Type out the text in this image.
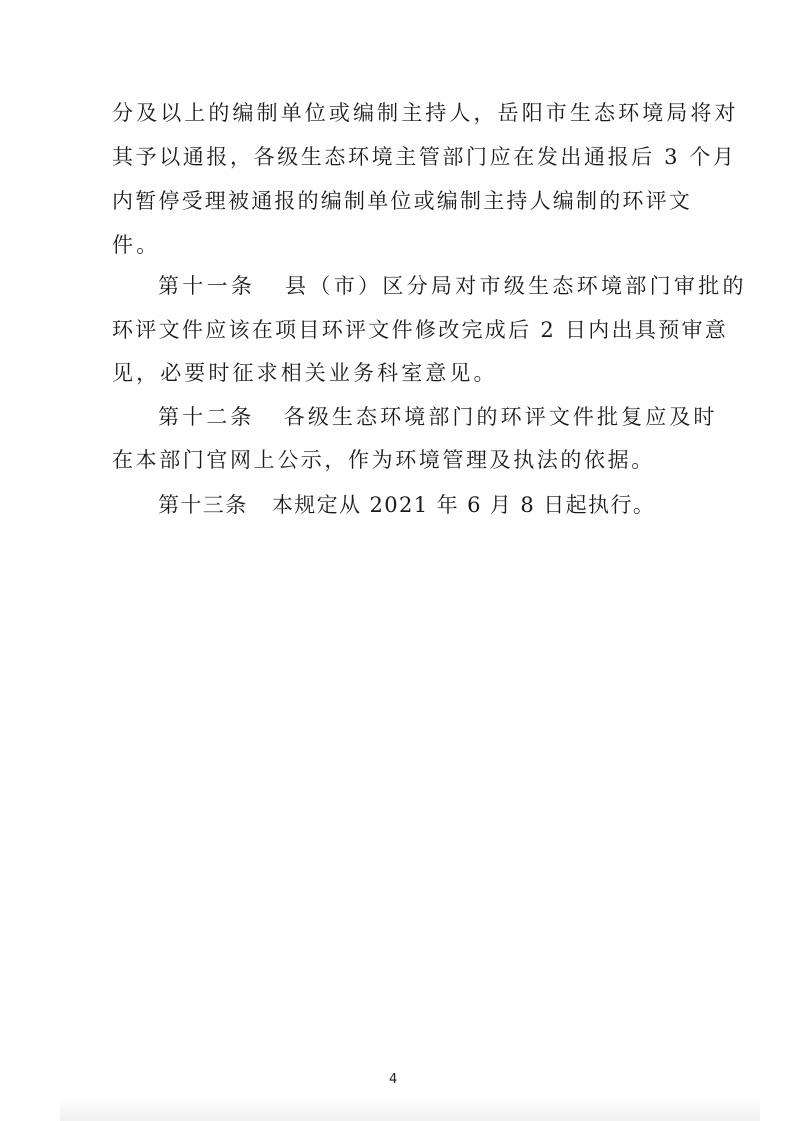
分及以上的编制单位或编制主持人，岳阳市生态环境局将对
其予以通报，各级生态环境主管部门应在发出通报后 3 个月
内暂停受理被通报的编制单位或编制主持人编制的环评文
件。
第十一条   县（市）区分局对市级生态环境部门审批的
环评文件应该在项目环评文件修改完成后 2 日内出具预审意
见，必要时征求相关业务科室意见。
第十二条   各级生态环境部门的环评文件批复应及时
在本部门官网上公示，作为环境管理及执法的依据。
第十三条   本规定从 2021 年 6 月 8 日起执行。
4
